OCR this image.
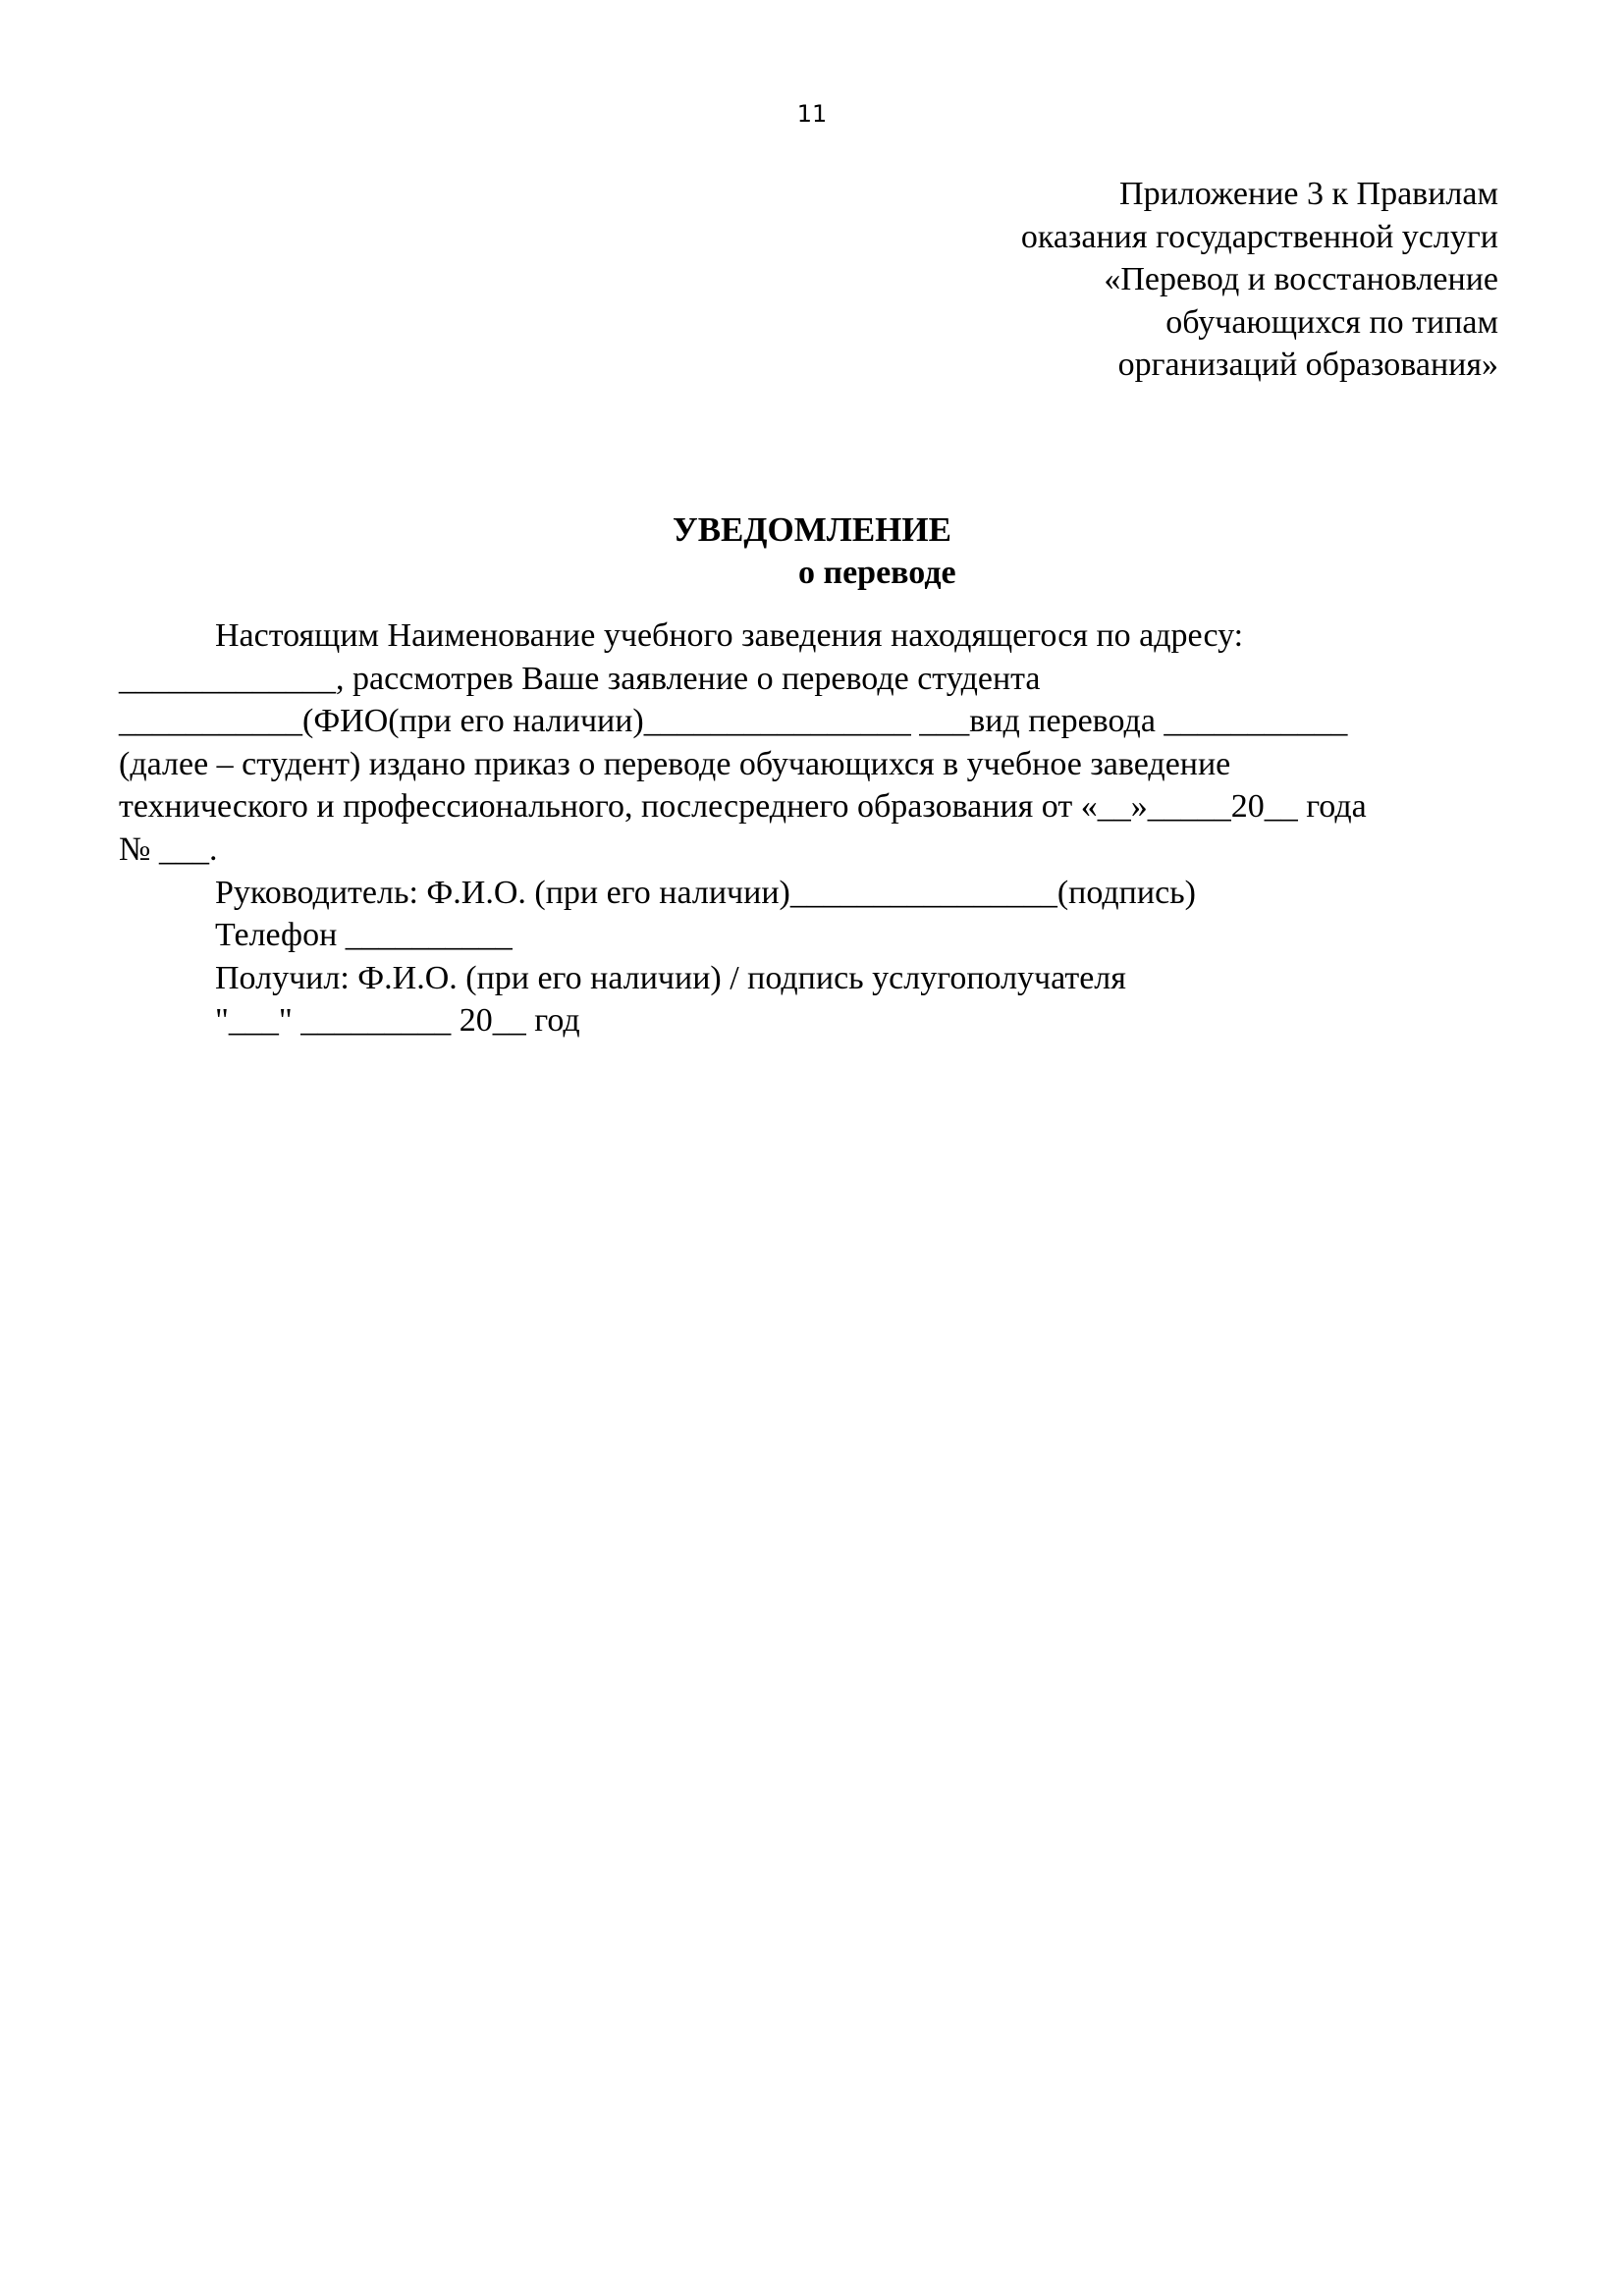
11
Приложение 3 к Правилам
оказания государственной услуги
«Перевод и восстановление
обучающихся по типам
организаций образования»
УВЕДОМЛЕНИЕ
о переводе
Настоящим Наименование учебного заведения находящегося по адресу:
_____________, рассмотрев Ваше заявление о переводе студента
___________(ФИО(при его наличии)________________ ___вид перевода ___________
(далее – студент) издано приказ о переводе обучающихся в учебное заведение
технического и профессионального, послесреднего образования от «__»_____20__ года
№ ___.
Руководитель: Ф.И.О. (при его наличии)________________(подпись)
Телефон __________
Получил: Ф.И.О. (при его наличии) / подпись услугополучателя
"___" _________ 20__ год
